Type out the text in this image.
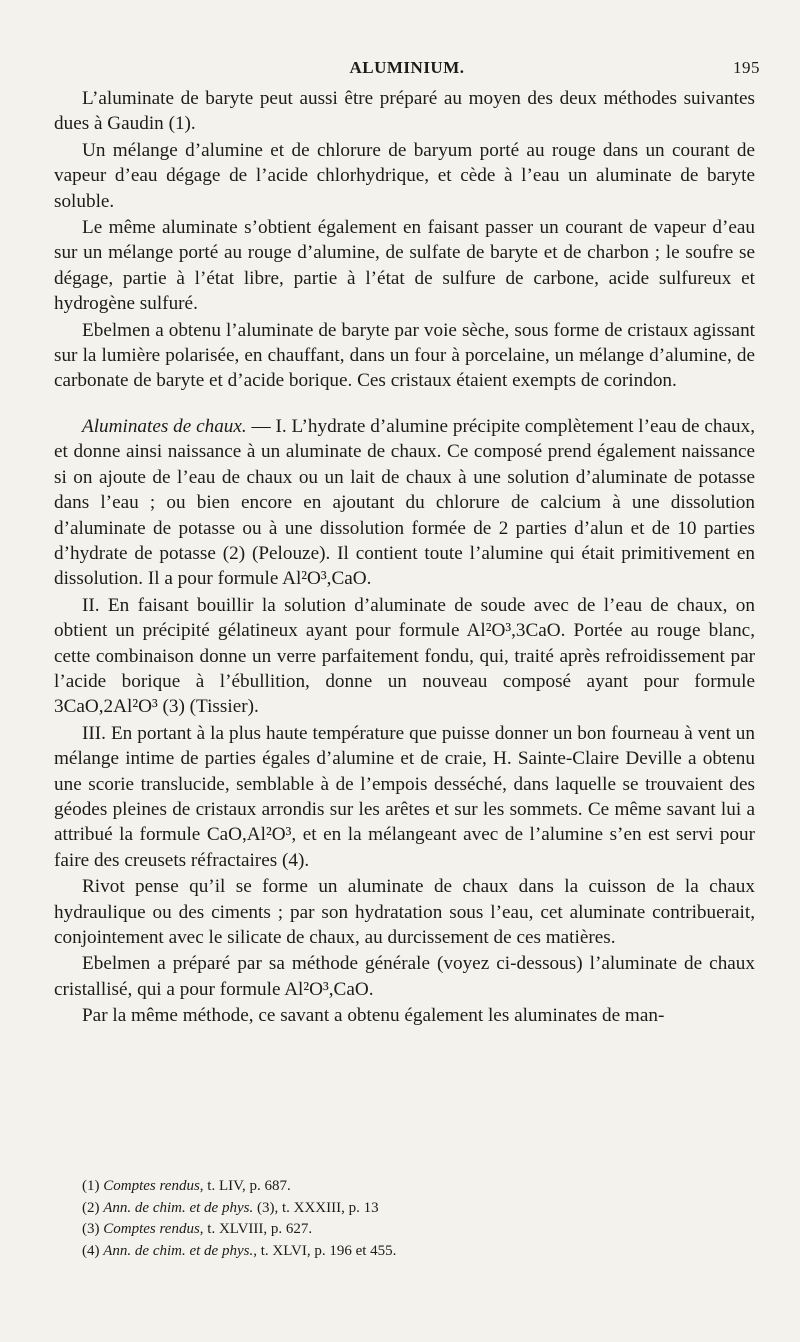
ALUMINIUM.	195

L’aluminate de baryte peut aussi être préparé au moyen des deux méthodes suivantes dues à Gaudin (1).

Un mélange d’alumine et de chlorure de baryum porté au rouge dans un courant de vapeur d’eau dégage de l’acide chlorhydrique, et cède à l’eau un aluminate de baryte soluble.

Le même aluminate s’obtient également en faisant passer un courant de vapeur d’eau sur un mélange porté au rouge d’alumine, de sulfate de baryte et de charbon ; le soufre se dégage, partie à l’état libre, partie à l’état de sulfure de carbone, acide sulfureux et hydrogène sulfuré.

Ebelmen a obtenu l’aluminate de baryte par voie sèche, sous forme de cristaux agissant sur la lumière polarisée, en chauffant, dans un four à porcelaine, un mélange d’alumine, de carbonate de baryte et d’acide borique. Ces cristaux étaient exempts de corindon.

Aluminates de chaux. — I. L’hydrate d’alumine précipite complètement l’eau de chaux, et donne ainsi naissance à un aluminate de chaux. Ce composé prend également naissance si on ajoute de l’eau de chaux ou un lait de chaux à une solution d’aluminate de potasse dans l’eau ; ou bien encore en ajoutant du chlorure de calcium à une dissolution d’aluminate de potasse ou à une dissolution formée de 2 parties d’alun et de 10 parties d’hydrate de potasse (2) (Pelouze). Il contient toute l’alumine qui était primitivement en dissolution. Il a pour formule Al²O³,CaO.

II. En faisant bouillir la solution d’aluminate de soude avec de l’eau de chaux, on obtient un précipité gélatineux ayant pour formule Al²O³,3CaO. Portée au rouge blanc, cette combinaison donne un verre parfaitement fondu, qui, traité après refroidissement par l’acide borique à l’ébullition, donne un nouveau composé ayant pour formule 3CaO,2Al²O³ (3) (Tissier).

III. En portant à la plus haute température que puisse donner un bon fourneau à vent un mélange intime de parties égales d’alumine et de craie, H. Sainte-Claire Deville a obtenu une scorie translucide, semblable à de l’empois desséché, dans laquelle se trouvaient des géodes pleines de cristaux arrondis sur les arêtes et sur les sommets. Ce même savant lui a attribué la formule CaO,Al²O³, et en la mélangeant avec de l’alumine s’en est servi pour faire des creusets réfractaires (4).

Rivot pense qu’il se forme un aluminate de chaux dans la cuisson de la chaux hydraulique ou des ciments ; par son hydratation sous l’eau, cet aluminate contribuerait, conjointement avec le silicate de chaux, au durcissement de ces matières.

Ebelmen a préparé par sa méthode générale (voyez ci-dessous) l’aluminate de chaux cristallisé, qui a pour formule Al²O³,CaO.

Par la même méthode, ce savant a obtenu également les aluminates de man-

(1) Comptes rendus, t. LIV, p. 687.
(2) Ann. de chim. et de phys. (3), t. XXXIII, p. 13
(3) Comptes rendus, t. XLVIII, p. 627.
(4) Ann. de chim. et de phys., t. XLVI, p. 196 et 455.
